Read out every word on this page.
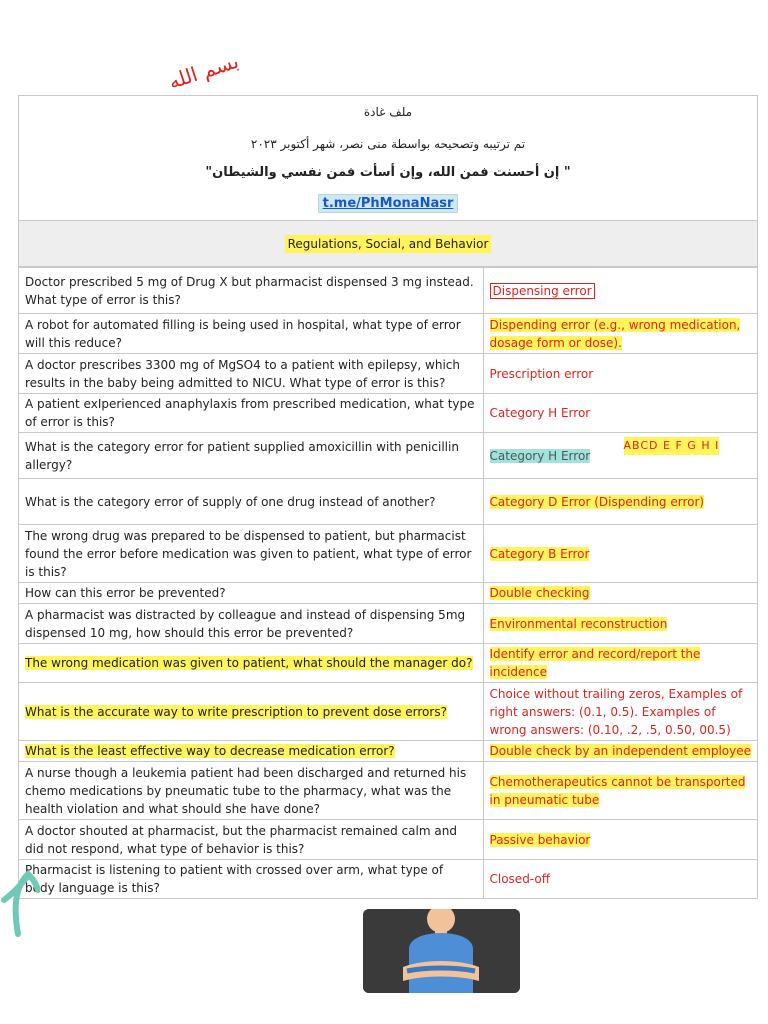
بسم الله
ملف غادة
تم ترتيبه وتصحيحه بواسطة منى نصر، شهر أكتوبر ٢٠٢٣
" إن أحسنت فمن الله، وإن أسأت فمن نفسي والشيطان"
t.me/PhMonaNasr
Regulations, Social, and Behavior
Doctor prescribed 5 mg of Drug X but pharmacist dispensed 3 mg instead. What type of error is this?	Dispensing error
A robot for automated filling is being used in hospital, what type of error will this reduce?	Dispending error (e.g., wrong medication, dosage form or dose).
A doctor prescribes 3300 mg of MgSO4 to a patient with epilepsy, which results in the baby being admitted to NICU. What type of error is this?	Prescription error
A patient exIperienced anaphylaxis from prescribed medication, what type of error is this?	Category H Error
What is the category error for patient supplied amoxicillin with penicillin allergy?	Category H Error
ABCD E F G H I

What is the category error of supply of one drug instead of another?	Category D Error (Dispending error)
The wrong drug was prepared to be dispensed to patient, but pharmacist found the error before medication was given to patient, what type of error is this?	Category B Error
How can this error be prevented?	Double checking
A pharmacist was distracted by colleague and instead of dispensing 5mg dispensed 10 mg, how should this error be prevented?	Environmental reconstruction
The wrong medication was given to patient, what should the manager do?	Identify error and record/report the incidence
What is the accurate way to write prescription to prevent dose errors?	Choice without trailing zeros, Examples of right answers: (0.1, 0.5). Examples of wrong answers: (0.10, .2, .5, 0.50, 00.5)
What is the least effective way to decrease medication error?	Double check by an independent employee
A nurse though a leukemia patient had been discharged and returned his chemo medications by pneumatic tube to the pharmacy, what was the health violation and what should she have done?	Chemotherapeutics cannot be transported in pneumatic tube
A doctor shouted at pharmacist, but the pharmacist remained calm and did not respond, what type of behavior is this?	Passive behavior
Pharmacist is listening to patient with crossed over arm, what type of body language is this?	Closed-off
